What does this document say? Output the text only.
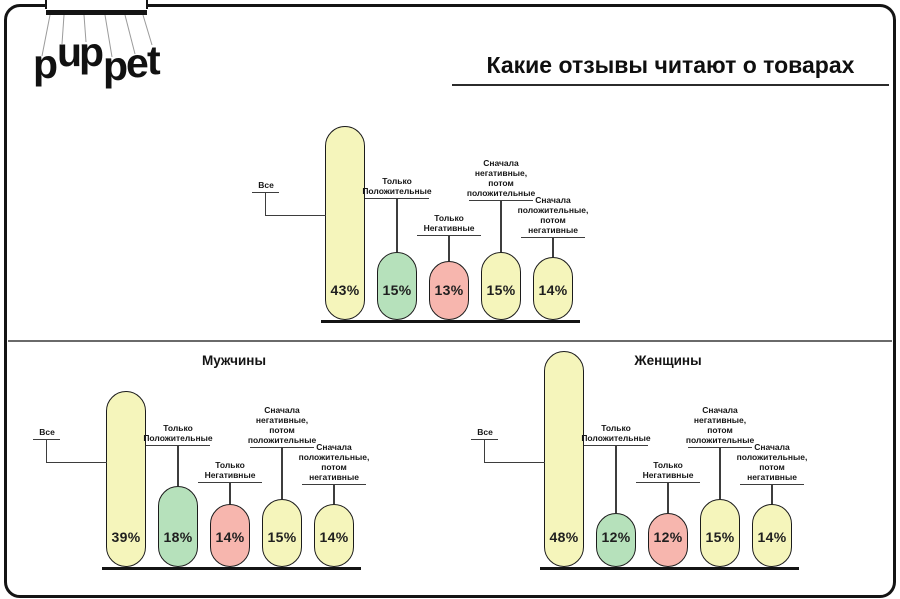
p
u
p
p
e
t	Какие отзывы читают о товарах
43%
Все
15%
Только
Положительные
13%
Только
Негативные
15%
Сначала
негативные,
потом
положительные
14%
Сначала
положительные,
потом
негативные
Мужчины
39%
Все
18%
Только
Положительные
14%
Только
Негативные
15%
Сначала
негативные,
потом
положительные
14%
Сначала
положительные,
потом
негативные
Женщины
48%
Все
12%
Только
Положительные
12%
Только
Негативные
15%
Сначала
негативные,
потом
положительные
14%
Сначала
положительные,
потом
негативные
